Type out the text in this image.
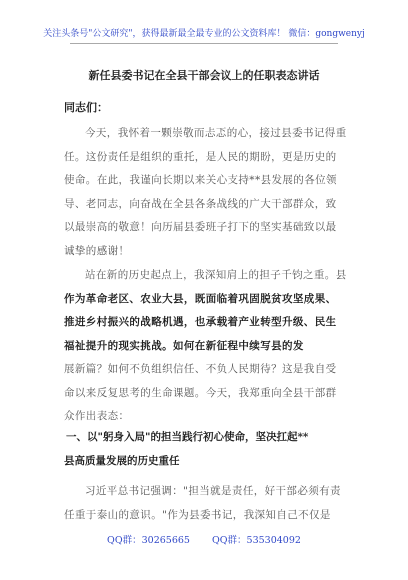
关注头条号"公文研究"，获得最新最全最专业的公文资料库！ 微信：gongwenyj
新任县委书记在全县干部会议上的任职表态讲话
同志们：
今天，我怀着一颗崇敬而忐忑的心，接过县委书记得重
任。这份责任是组织的重托，是人民的期盼，更是历史的
使命。在此，我谨向长期以来关心支持**县发展的各位领
导、老同志，向奋战在全县各条战线的广大干部群众，致
以最崇高的敬意！向历届县委班子打下的坚实基础致以最
诚挚的感谢！
站在新的历史起点上，我深知肩上的担子千钧之重。县
作为革命老区、农业大县，既面临着巩固脱贫攻坚成果、
推进乡村振兴的战略机遇，也承载着产业转型升级、民生
福祉提升的现实挑战。如何在新征程中续写县的发
展新篇？如何不负组织信任、不负人民期待？这是我自受
命以来反复思考的生命课题。今天，我郑重向全县干部群
众作出表态：
一、以"躬身入局"的担当践行初心使命，坚决扛起**
县高质量发展的历史重任
习近平总书记强调："担当就是责任，好干部必须有责
任重于泰山的意识。"作为县委书记，我深知自己不仅是
QQ群：30265665 QQ群：535304092
